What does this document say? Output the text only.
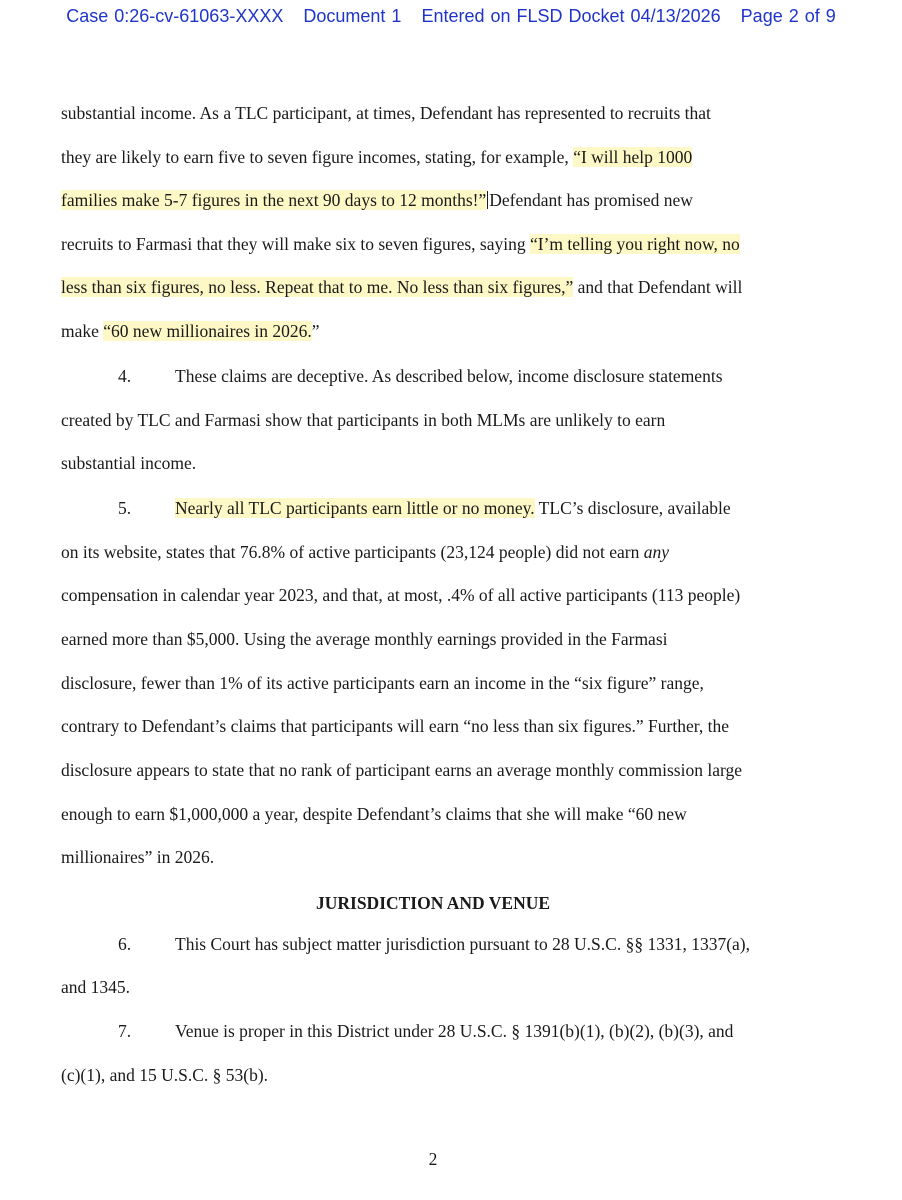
Case 0:26-cv-61063-XXXX Document 1 Entered on FLSD Docket 04/13/2026 Page 2 of 9
substantial income. As a TLC participant, at times, Defendant has represented to recruits that
they are likely to earn five to seven figure incomes, stating, for example, “I will help 1000
families make 5-7 figures in the next 90 days to 12 months!” Defendant has promised new
recruits to Farmasi that they will make six to seven figures, saying “I’m telling you right now, no
less than six figures, no less. Repeat that to me. No less than six figures,” and that Defendant will
make “60 new millionaires in 2026.”
4.	These claims are deceptive. As described below, income disclosure statements
created by TLC and Farmasi show that participants in both MLMs are unlikely to earn
substantial income.
5.	Nearly all TLC participants earn little or no money. TLC’s disclosure, available
on its website, states that 76.8% of active participants (23,124 people) did not earn any
compensation in calendar year 2023, and that, at most, .4% of all active participants (113 people)
earned more than $5,000. Using the average monthly earnings provided in the Farmasi
disclosure, fewer than 1% of its active participants earn an income in the “six figure” range,
contrary to Defendant’s claims that participants will earn “no less than six figures.” Further, the
disclosure appears to state that no rank of participant earns an average monthly commission large
enough to earn $1,000,000 a year, despite Defendant’s claims that she will make “60 new
millionaires” in 2026.
JURISDICTION AND VENUE
6.	This Court has subject matter jurisdiction pursuant to 28 U.S.C. §§ 1331, 1337(a),
and 1345.
7.	Venue is proper in this District under 28 U.S.C. § 1391(b)(1), (b)(2), (b)(3), and
(c)(1), and 15 U.S.C. § 53(b).
2
